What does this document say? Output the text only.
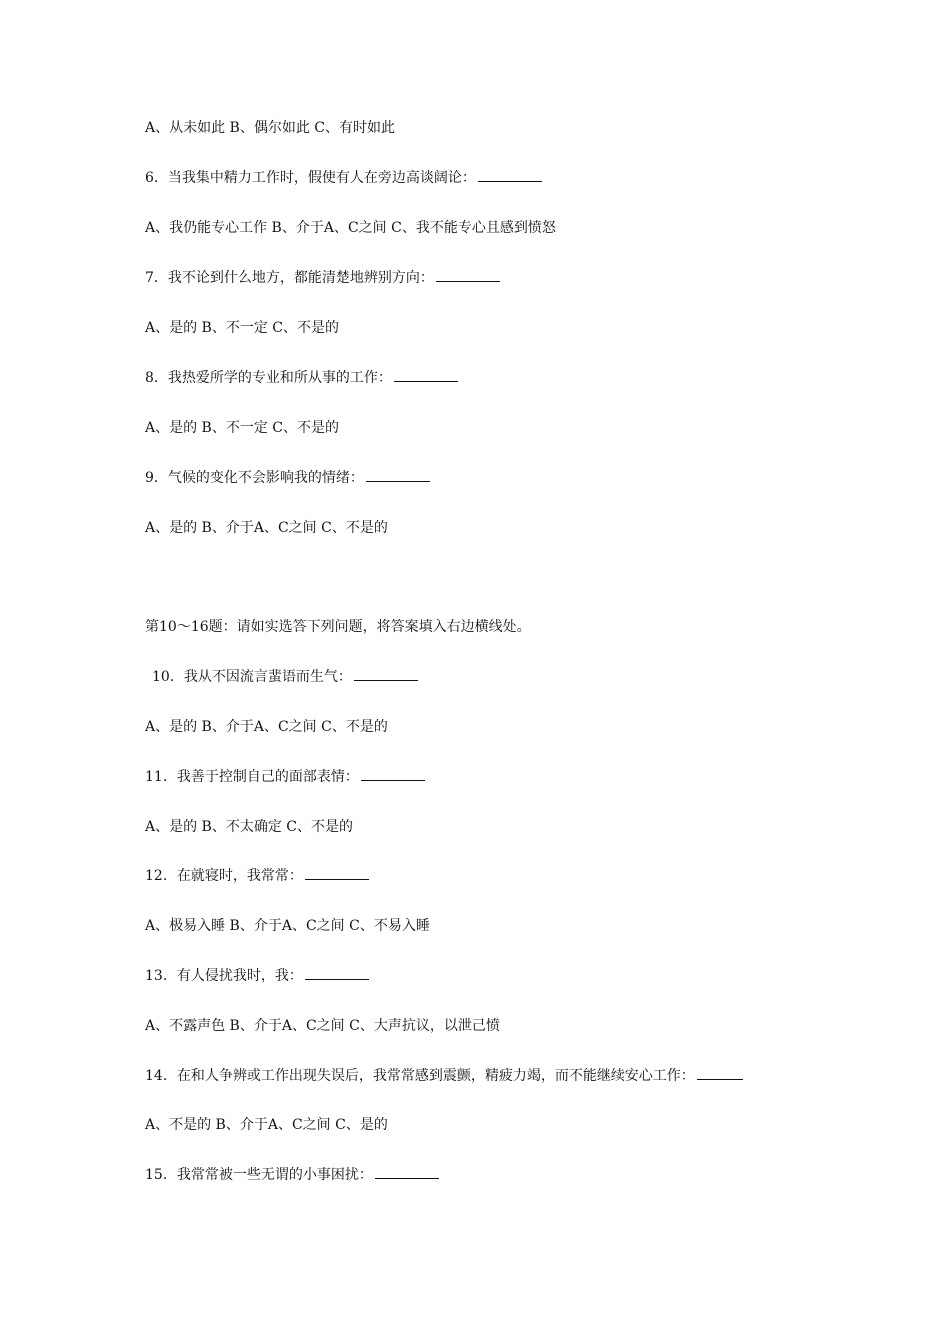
A、从未如此 B、偶尔如此 C、有时如此
6．当我集中精力工作时，假使有人在旁边高谈阔论：
A、我仍能专心工作 B、介于A、C之间 C、我不能专心且感到愤怒
7．我不论到什么地方，都能清楚地辨别方向：
A、是的 B、不一定 C、不是的
8．我热爱所学的专业和所从事的工作：
A、是的 B、不一定 C、不是的
9．气候的变化不会影响我的情绪：
A、是的 B、介于A、C之间 C、不是的
第10～16题：请如实选答下列问题，将答案填入右边横线处。
10．我从不因流言蜚语而生气：
A、是的 B、介于A、C之间 C、不是的
11．我善于控制自己的面部表情：
A、是的 B、不太确定 C、不是的
12．在就寝时，我常常：
A、极易入睡 B、介于A、C之间 C、不易入睡
13．有人侵扰我时，我：
A、不露声色 B、介于A、C之间 C、大声抗议，以泄己愤
14．在和人争辨或工作出现失误后，我常常感到震颤，精疲力竭，而不能继续安心工作：
A、不是的 B、介于A、C之间 C、是的
15．我常常被一些无谓的小事困扰：
